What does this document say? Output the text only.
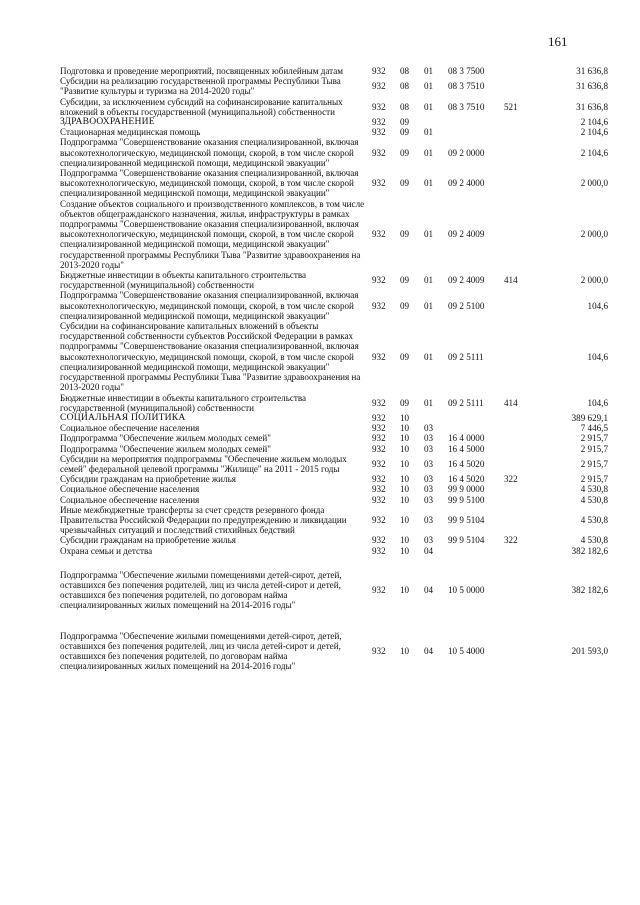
161
Подготовка и проведение мероприятий, посвященных юбилейным датам	932	08	01	08 3 7500	31 636,8
Субсидии на реализацию государственной программы Республики Тыва "Развитие культуры и туризма на 2014-2020 годы"
932	08	01	08 3 7510	31 636,8
Субсидии, за исключением субсидий на софинансирование капитальных вложений в объекты государственной (муниципальной) собственности
932	08	01	08 3 7510	521	31 636,8
ЗДРАВООХРАНЕНИЕ	932	09	2 104,6
Стационарная медицинская помощь	932	09	01	2 104,6
Подпрограмма "Совершенствование оказания специализированной, включая высокотехнологическую, медицинской помощи, скорой, в том числе скорой специализированной медицинской помощи, медицинской эвакуации"
932	09	01	09 2 0000	2 104,6
Подпрограмма "Совершенствование оказания специализированной, включая высокотехнологическую, медицинской помощи, скорой, в том числе скорой специализированной медицинской помощи, медицинской эвакуации"
932	09	01	09 2 4000	2 000,0
Создание объектов социального и производственного комплексов, в том числе объектов общегражданского назначения, жилья, инфраструктуры в рамках подпрограммы "Совершенствование оказания специализированной, включая высокотехнологическую, медицинской помощи, скорой, в том числе скорой специализированной медицинской помощи, медицинской эвакуации" государственной программы Республики Тыва "Развитие здравоохранения на 2013-2020 годы"
932	09	01	09 2 4009	2 000,0
Бюджетные инвестиции в объекты капитального строительства государственной (муниципальной) собственности
932	09	01	09 2 4009	414	2 000,0
Подпрограмма "Совершенствование оказания специализированной, включая высокотехнологическую, медицинской помощи, скорой, в том числе скорой специализированной медицинской помощи, медицинской эвакуации"
932	09	01	09 2 5100	104,6
Субсидии на софинансирование капитальных вложений в объекты государственной собственности субъектов Российской Федерации в рамках подпрограммы "Совершенствование оказания специализированной, включая высокотехнологическую, медицинской помощи, скорой, в том числе скорой специализированной медицинской помощи, медицинской эвакуации" государственной программы Республики Тыва "Развитие здравоохранения на 2013-2020 годы"
932	09	01	09 2 5111	104,6
Бюджетные инвестиции в объекты капитального строительства государственной (муниципальной) собственности
932	09	01	09 2 5111	414	104,6
СОЦИАЛЬНАЯ ПОЛИТИКА	932	10	389 629,1
Социальное обеспечение населения	932	10	03	7 446,5
Подпрограмма "Обеспечение жильем молодых семей"	932	10	03	16 4 0000	2 915,7
Подпрограмма "Обеспечение жильем молодых семей"	932	10	03	16 4 5000	2 915,7
Субсидии на мероприятия подпрограммы "Обеспечение жильем молодых семей" федеральной целевой программы "Жилище" на 2011 - 2015 годы
932	10	03	16 4 5020	2 915,7
Субсидии гражданам на приобретение жилья	932	10	03	16 4 5020	322	2 915,7
Социальное обеспечение населения	932	10	03	99 9 0000	4 530,8
Социальное обеспечение населения	932	10	03	99 9 5100	4 530,8
Иные межбюджетные трансферты за счет средств резервного фонда Правительства Российской Федерации по предупреждению и ликвидации чрезвычайных ситуаций и последствий стихийных бедствий
932	10	03	99 9 5104	4 530,8
Субсидии гражданам на приобретение жилья	932	10	03	99 9 5104	322	4 530,8
Охрана семьи и детства	932	10	04	382 182,6
Подпрограмма "Обеспечение жилыми помещениями детей-сирот, детей, оставшихся без попечения родителей, лиц из числа детей-сирот и детей, оставшихся без попечения родителей, по договорам найма специализированных жилых помещений на 2014-2016 годы"
932	10	04	10 5 0000	382 182,6
Подпрограмма "Обеспечение жилыми помещениями детей-сирот, детей, оставшихся без попечения родителей, лиц из числа детей-сирот и детей, оставшихся без попечения родителей, по договорам найма специализированных жилых помещений на 2014-2016 годы"
932	10	04	10 5 4000	201 593,0
